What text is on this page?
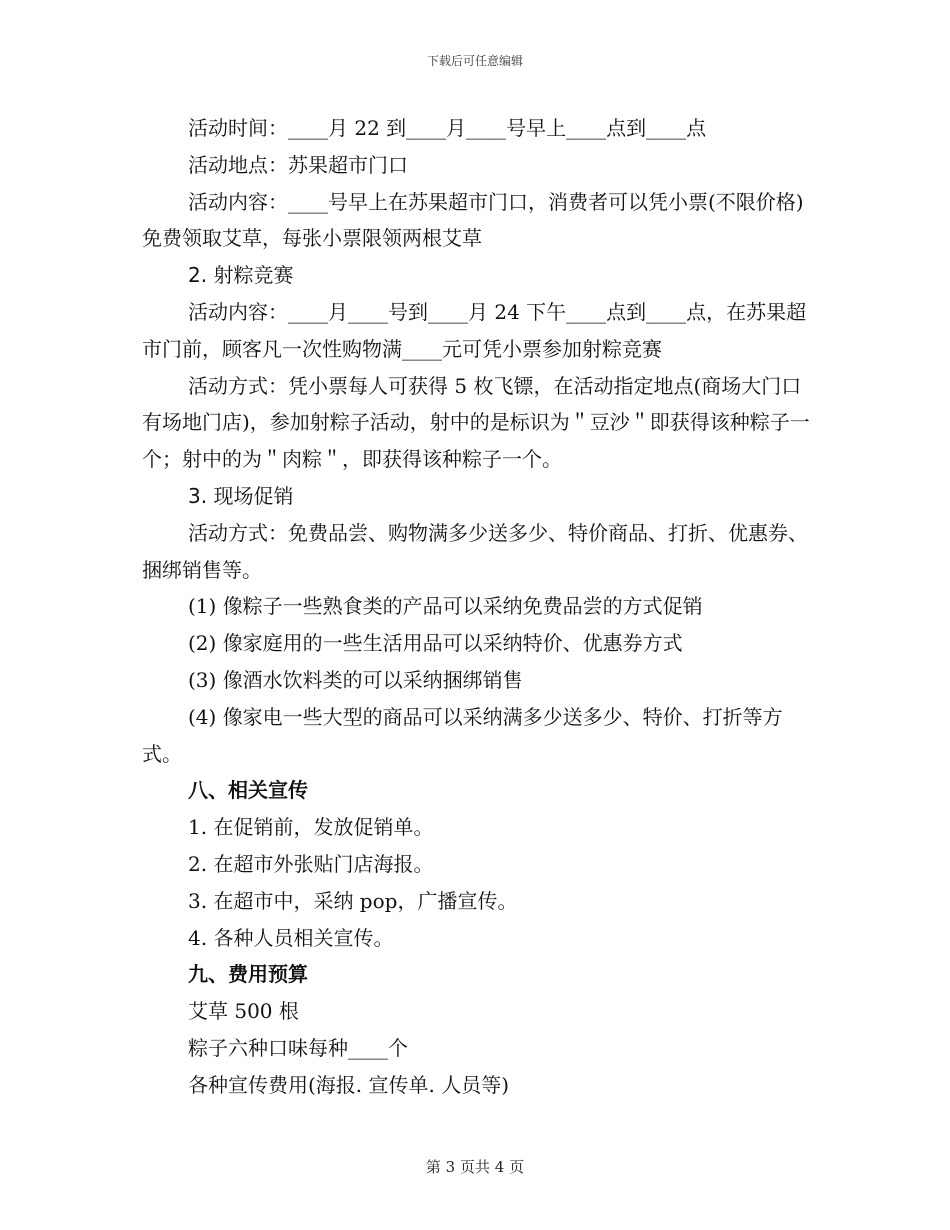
下载后可任意编辑

活动时间：____月 22 到____月____号早上____点到____点

活动地点：苏果超市门口

活动内容：____号早上在苏果超市门口，消费者可以凭小票(不限价格)免费领取艾草，每张小票限领两根艾草

2. 射粽竞赛

活动内容：____月____号到____月 24 下午____点到____点，在苏果超市门前，顾客凡一次性购物满____元可凭小票参加射粽竞赛

活动方式：凭小票每人可获得 5 枚飞镖，在活动指定地点(商场大门口有场地门店)，参加射粽子活动，射中的是标识为＂豆沙＂即获得该种粽子一个；射中的为＂肉粽＂，即获得该种粽子一个。

3. 现场促销

活动方式：免费品尝、购物满多少送多少、特价商品、打折、优惠券、捆绑销售等。

(1) 像粽子一些熟食类的产品可以采纳免费品尝的方式促销

(2) 像家庭用的一些生活用品可以采纳特价、优惠券方式

(3) 像酒水饮料类的可以采纳捆绑销售

(4) 像家电一些大型的商品可以采纳满多少送多少、特价、打折等方式。

八、相关宣传

1. 在促销前，发放促销单。

2. 在超市外张贴门店海报。

3. 在超市中，采纳 pop，广播宣传。

4. 各种人员相关宣传。

九、费用预算

艾草 500 根

粽子六种口味每种____个

各种宣传费用(海报. 宣传单. 人员等)

第 3 页共 4 页
